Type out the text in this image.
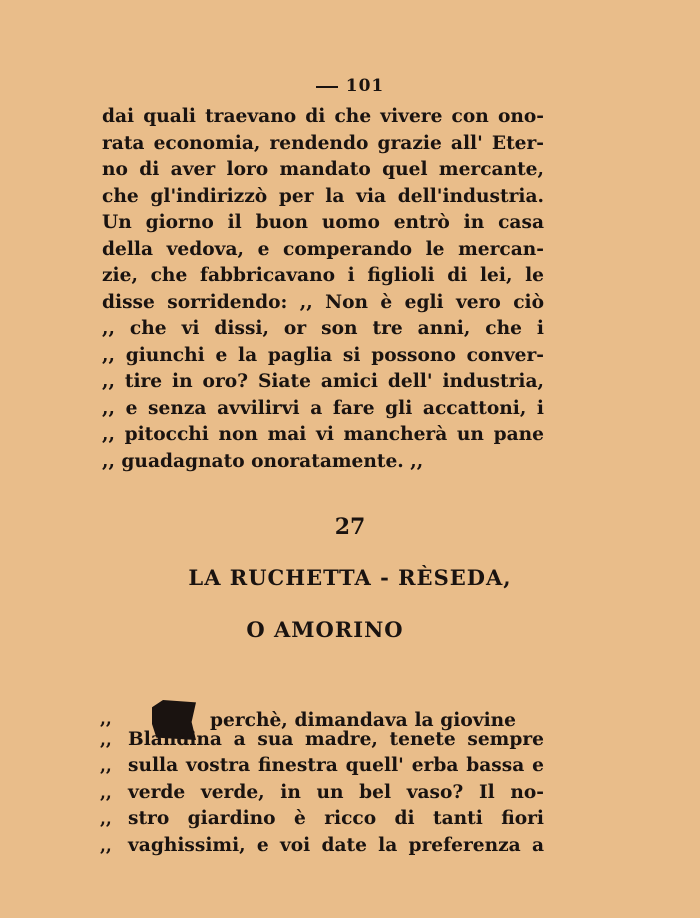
101
dai quali traevano di che vivere con ono-
rata economia, rendendo grazie all' Eter-
no di aver loro mandato quel mercante,
che gl'indirizzò per la via dell'industria.
Un giorno il buon uomo entrò in casa
della vedova, e comperando le mercan-
zie, che fabbricavano i figlioli di lei, le
disse sorridendo: ,, Non è egli vero ciò
,, che vi dissi, or son tre anni, che i
,, giunchi e la paglia si possono conver-
,, tire in oro? Siate amici dell' industria,
,, e senza avvilirvi a fare gli accattoni, i
,, pitocchi non mai vi mancherà un pane
,, guadagnato onoratamente. ,,
27
LA RUCHETTA - RÈSEDA,
O AMORINO
,,	perchè, dimandava la giovine
,, Blandina a sua madre, tenete sempre
,, sulla vostra finestra quell' erba bassa e
,, verde verde, in un bel vaso? Il no-
,, stro giardino è ricco di tanti fiori
,, vaghissimi, e voi date la preferenza a
